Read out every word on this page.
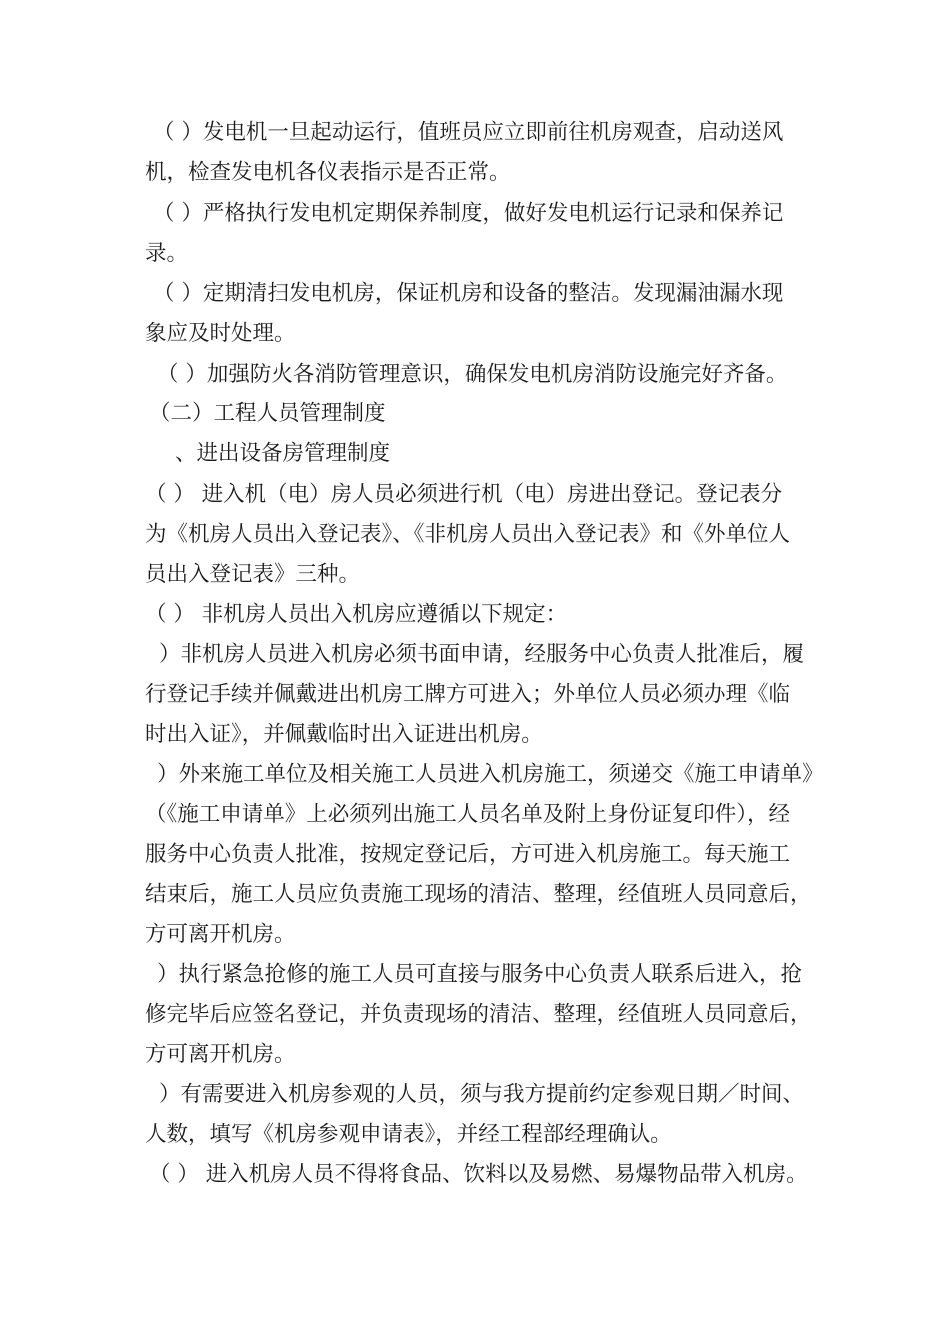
（ ）发电机一旦起动运行，值班员应立即前往机房观查，启动送风
机，检查发电机各仪表指示是否正常。
（ ）严格执行发电机定期保养制度，做好发电机运行记录和保养记
录。
（ ）定期清扫发电机房，保证机房和设备的整洁。发现漏油漏水现
象应及时处理。
（ ）加强防火各消防管理意识，确保发电机房消防设施完好齐备。
（二）工程人员管理制度
、进出设备房管理制度
（ ） 进入机（电）房人员必须进行机（电）房进出登记。登记表分
为《机房人员出入登记表》、《非机房人员出入登记表》和《外单位人
员出入登记表》三种。
（ ） 非机房人员出入机房应遵循以下规定：
）非机房人员进入机房必须书面申请，经服务中心负责人批准后，履
行登记手续并佩戴进出机房工牌方可进入；外单位人员必须办理《临
时出入证》，并佩戴临时出入证进出机房。
）外来施工单位及相关施工人员进入机房施工，须递交《施工申请单》
（《施工申请单》上必须列出施工人员名单及附上身份证复印件），经
服务中心负责人批准，按规定登记后，方可进入机房施工。每天施工
结束后，施工人员应负责施工现场的清洁、整理，经值班人员同意后，
方可离开机房。
）执行紧急抢修的施工人员可直接与服务中心负责人联系后进入，抢
修完毕后应签名登记，并负责现场的清洁、整理，经值班人员同意后，
方可离开机房。
）有需要进入机房参观的人员，须与我方提前约定参观日期／时间、
人数，填写《机房参观申请表》，并经工程部经理确认。
（ ） 进入机房人员不得将食品、饮料以及易燃、易爆物品带入机房。
